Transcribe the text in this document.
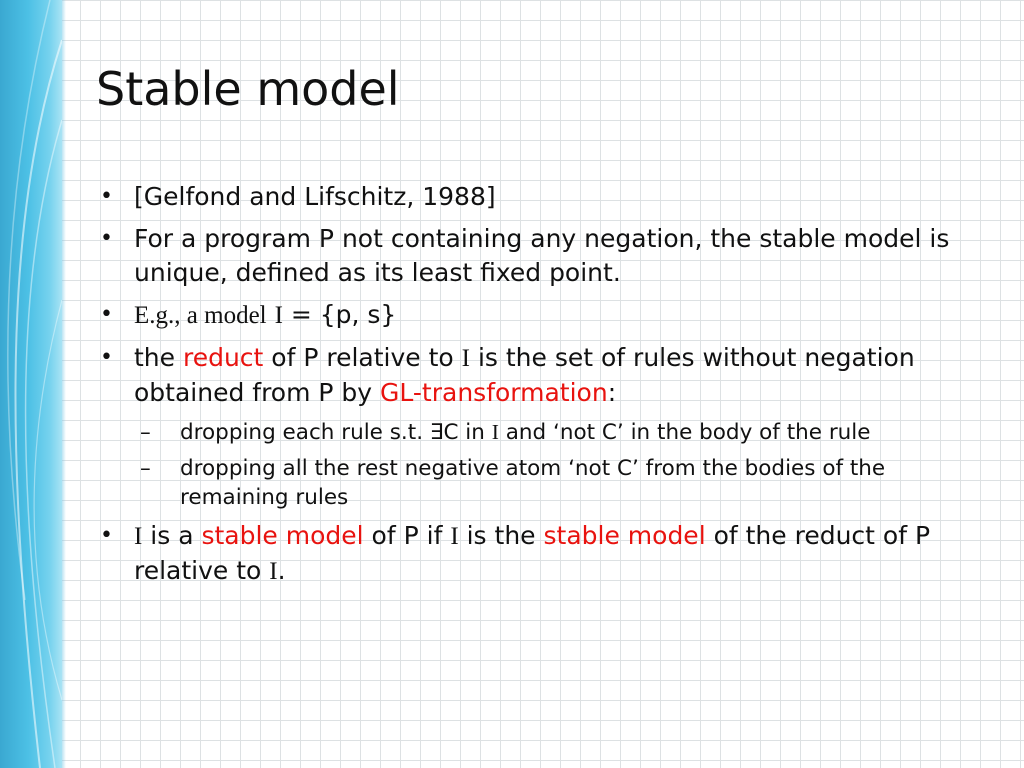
Stable model
• [Gelfond and Lifschitz, 1988]
• For a program P not containing any negation, the stable model is unique, defined as its least fixed point.
• E.g., a model I = {p, s}
• the reduct of P relative to I is the set of rules without negation obtained from P by GL-transformation:
– dropping each rule s.t. ∃C in I and ‘not C’ in the body of the rule
– dropping all the rest negative atom ‘not C’ from the bodies of the remaining rules
• I is a stable model of P if I is the stable model of the reduct of P relative to I.
